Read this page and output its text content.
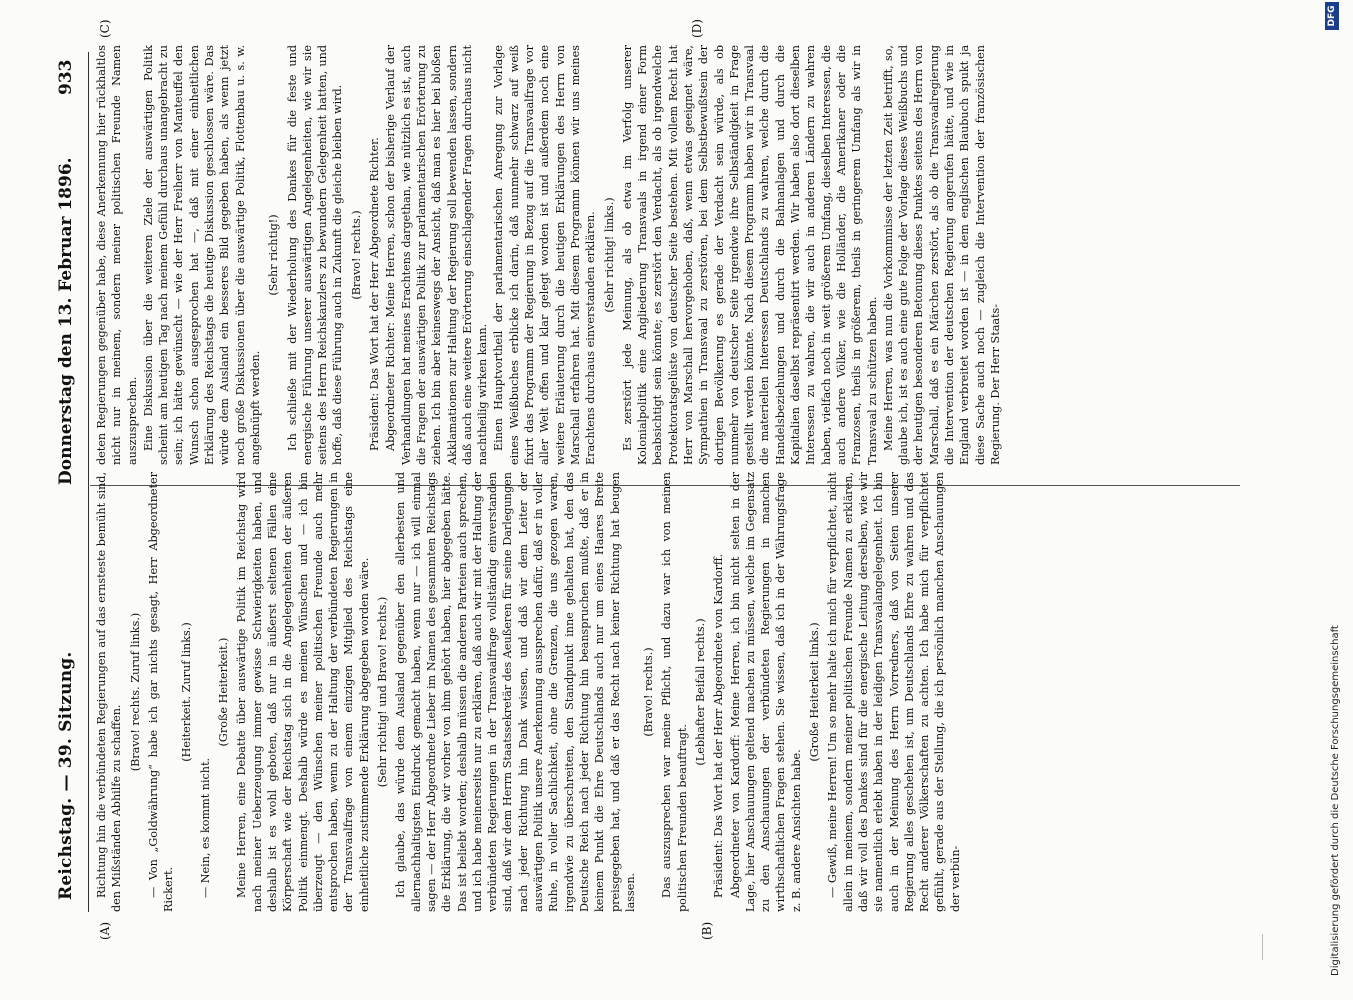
Reichstag. — 39. Sitzung.
Donnerstag den 13. Februar 1896.
933
(A)	(B)
(C)	(D)

Richtung hin die verbündeten Regierungen auf das ernsteste bemüht sind, den Mißständen Abhilfe zu schaffen.

(Bravo! rechts. Zuruf links.) — Von „Goldwährung“ habe ich gar nichts gesagt, Herr Abgeordneter Rickert.

(Heiterkeit. Zuruf links.)

— Nein, es kommt nicht.

(Große Heiterkeit.) Meine Herren, eine Debatte über auswärtige Politik im Reichstag wird nach meiner Ueberzeugung immer gewisse Schwierigkeiten haben, und deshalb ist es wohl geboten, daß nur in äußerst seltenen Fällen eine Körperschaft wie der Reichstag sich in die Angelegenheiten der äußeren Politik einmengt. Deshalb würde es meinen Wünschen und — ich bin überzeugt — den Wünschen meiner politischen Freunde auch mehr entsprochen haben, wenn zu der Haltung der verbündeten Regierungen in der Transvaalfrage von einem einzigen Mitglied des Reichstags eine einheitliche zustimmende Erklärung abgegeben worden wäre. (Sehr richtig! und Bravo! rechts.) Ich glaube, das würde dem Ausland gegenüber den allerbesten und allernachhaltigsten Eindruck gemacht haben, wenn nur — ich will einmal sagen — der Herr Abgeordnete Lieber im Namen des gesammten Reichstags die Erklärung, die wir vorher von ihm gehört haben, hier abgegeben hätte. Das ist beliebt worden; deshalb müssen die anderen Parteien auch sprechen, und ich habe meinerseits nur zu erklären, daß auch wir mit der Haltung der verbündeten Regierungen in der Transvaalfrage vollständig einverstanden sind, daß wir dem Herrn Staatssekretär des Aeußeren für seine Darlegungen nach jeder Richtung hin Dank wissen, und daß wir dem Leiter der auswärtigen Politik unsere Anerkennung aussprechen dafür, daß er in voller Ruhe, in voller Sachlichkeit, ohne die Grenzen, die uns gezogen waren, irgendwie zu überschreiten, den Standpunkt inne gehalten hat, den das Deutsche Reich nach jeder Richtung hin beanspruchen mußte, daß er in keinem Punkt die Ehre Deutschlands auch nur um eines Haares Breite preisgegeben hat, und daß er das Recht nach keiner Richtung hat beugen lassen.

(Bravo! rechts.) Das auszusprechen war meine Pflicht, und dazu war ich von meinen politischen Freunden beauftragt.

(Lebhafter Beifall rechts.) Präsident: Das Wort hat der Herr Abgeordnete von Kardorff. Abgeordneter von Kardorff: Meine Herren, ich bin nicht selten in der Lage, hier Anschauungen geltend machen zu müssen, welche im Gegensatz zu den Anschauungen der verbündeten Regierungen in manchen wirthschaftlichen Fragen stehen. Sie wissen, daß ich in der Währungsfrage z. B. andere Ansichten habe.

(Große Heiterkeit links.) — Gewiß, meine Herren! Um so mehr halte ich mich für verpflichtet, nicht allein in meinem, sondern meiner politischen Freunde Namen zu erklären, daß wir voll des Dankes sind für die energische Leitung derselben, wie wir sie namentlich erlebt haben in der leidigen Transvaalangelegenheit. Ich bin auch in der Meinung des Herrn Vorredners, daß von Seiten unserer Regierung alles geschehen ist, um Deutschlands Ehre zu wahren und das Recht anderer Völkerschaften zu achten. Ich habe mich für verpflichtet gefühlt, gerade aus der Stellung, die ich persönlich manchen Anschauungen der verbün-

deten Regierungen gegenüber habe, diese Anerkennung hier rückhaltlos nicht nur in meinem, sondern meiner politischen Freunde Namen auszusprechen. Eine Diskussion über die weiteren Ziele der auswärtigen Politik scheint am heutigen Tag nach meinem Gefühl durchaus unangebracht zu sein; ich hätte gewünscht — wie der Herr Freiherr von Manteuffel den Wunsch schon ausgesprochen hat —, daß mit einer einheitlichen Erklärung des Reichstags die heutige Diskussion geschlossen wäre. Das würde dem Ausland ein besseres Bild gegeben haben, als wenn jetzt noch große Diskussionen über die auswärtige Politik, Flottenbau u. s. w. angeknüpft werden.

(Sehr richtig!) Ich schließe mit der Wiederholung des Dankes für die feste und energische Führung unserer auswärtigen Angelegenheiten, wie wir sie seitens des Herrn Reichskanzlers zu bewundern Gelegenheit hatten, und hoffe, daß diese Führung auch in Zukunft die gleiche bleiben wird. (Bravo! rechts.) Präsident: Das Wort hat der Herr Abgeordnete Richter. Abgeordneter Richter: Meine Herren, schon der bisherige Verlauf der Verhandlungen hat meines Erachtens dargethan, wie nützlich es ist, auch die Fragen der auswärtigen Politik zur parlamentarischen Erörterung zu ziehen. Ich bin aber keineswegs der Ansicht, daß man es hier bei bloßen Akklamationen zur Haltung der Regierung soll bewenden lassen, sondern daß auch eine weitere Erörterung einschlagender Fragen durchaus nicht nachtheilig wirken kann. Einen Hauptvortheil der parlamentarischen Anregung zur Vorlage eines Weißbuches erblicke ich darin, daß nunmehr schwarz auf weiß fixirt das Programm der Regierung in Bezug auf die Transvaalfrage vor aller Welt offen und klar gelegt worden ist und außerdem noch eine weitere Erläuterung durch die heutigen Erklärungen des Herrn von Marschall erfahren hat. Mit diesem Programm können wir uns meines Erachtens durchaus einverstanden erklären. (Sehr richtig! links.) Es zerstört jede Meinung, als ob etwa im Verfolg unserer Kolonialpolitik eine Angliederung Transvaals in irgend einer Form beabsichtigt sein könnte; es zerstört den Verdacht, als ob irgendwelche Protektoratsgelüste von deutscher Seite bestehen. Mit vollem Recht hat Herr von Marschall hervorgehoben, daß, wenn etwas geeignet wäre, Sympathien in Transvaal zu zerstören, bei dem Selbstbewußtsein der dortigen Bevölkerung es gerade der Verdacht sein würde, als ob nunmehr von deutscher Seite irgendwie ihre Selbständigkeit in Frage gestellt werden könnte. Nach diesem Programm haben wir in Transvaal die materiellen Interessen Deutschlands zu wahren, welche durch die Handelsbeziehungen und durch die Bahnanlagen und durch die Kapitalien daselbst repräsentirt werden. Wir haben also dort dieselben Interessen zu wahren, die wir auch in anderen Ländern zu wahren haben, vielfach noch in weit größerem Umfang, dieselben Interessen, die auch andere Völker, wie die Holländer, die Amerikaner oder die Franzosen, theils in größerem, theils in geringerem Umfang als wir in Transvaal zu schützen haben. Meine Herren, was nun die Vorkommnisse der letzten Zeit betrifft, so, glaube ich, ist es auch eine gute Folge der Vorlage dieses Weißbuchs und der heutigen besonderen Betonung dieses Punktes seitens des Herrn von Marschall, daß es ein Märchen zerstört, als ob die Transvaalregierung die Intervention der deutschen Regierung angerufen hätte, und wie in England verbreitet worden ist — in dem englischen Blaubuch spukt ja diese Sache auch noch — zugleich die Intervention der französischen Regierung. Der Herr Staats-

Digitalisierung gefördert durch die Deutsche Forschungsgemeinschaft
DFG
